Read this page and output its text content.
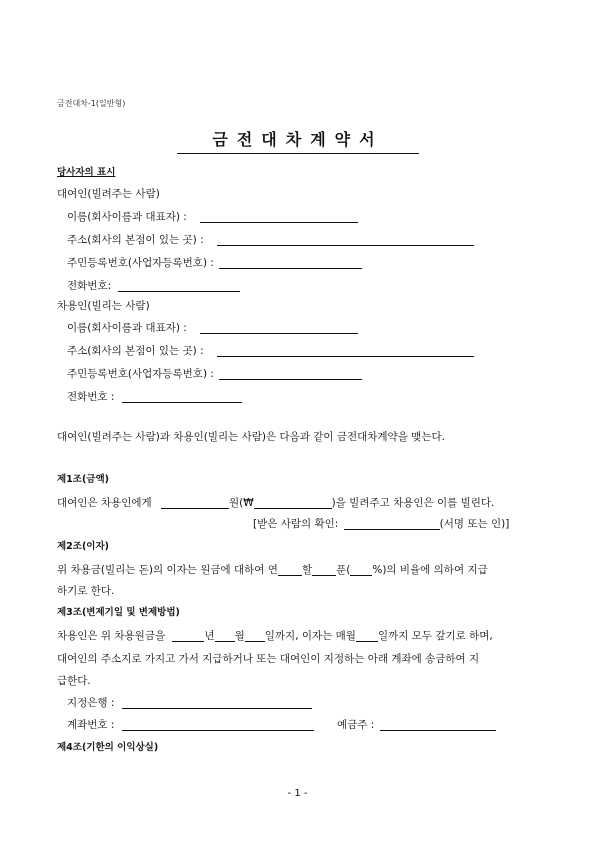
금전대차-1(일반형)
금전대차계약서
당사자의 표시
대여인(빌려주는 사람)
이름(회사이름과 대표자) :
주소(회사의 본점이 있는 곳) :
주민등록번호(사업자등록번호) :
전화번호:
차용인(빌리는 사람)
이름(회사이름과 대표자) :
주소(회사의 본점이 있는 곳) :
주민등록번호(사업자등록번호) :
전화번호 :
대여인(빌려주는 사람)과 차용인(빌리는 사람)은 다음과 같이 금전대차계약을 맺는다.
제1조(금액)
대여인은 차용인에게	원(₩	)을 빌려주고 차용인은 이를 빌린다.
[받은 사람의 확인:	(서명 또는 인)]
제2조(이자)
위 차용금(빌리는 돈)의 이자는 원금에 대하여 연 할 푼( %)의 비율에 의하여 지급
하기로 한다.
제3조(변제기일 및 변제방법)
차용인은 위 차용원금을	년 월 일까지, 이자는 매월 일까지 모두 갚기로 하며,
대여인의 주소지로 가지고 가서 지급하거나 또는 대여인이 지정하는 아래 계좌에 송금하여 지
급한다.
지정은행 :
계좌번호 :	예금주 :
제4조(기한의 이익상실)
- 1 -
